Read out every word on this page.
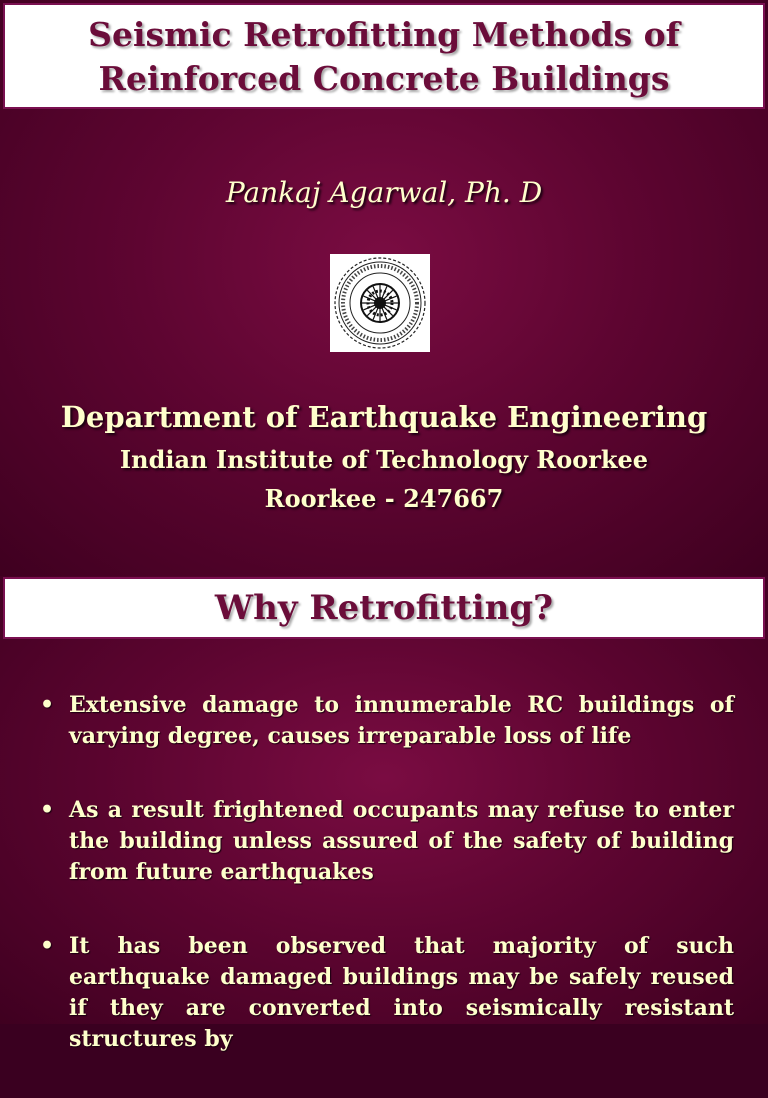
Seismic Retrofitting Methods of
Reinforced Concrete Buildings
Pankaj Agarwal, Ph. D
Department of Earthquake Engineering
Indian Institute of Technology Roorkee
Roorkee - 247667
Why Retrofitting?
• Extensive damage to innumerable RC buildings of varying degree, causes irreparable loss of life
• As a result frightened occupants may refuse to enter the building unless assured of the safety of building from future earthquakes
• It has been observed that majority of such earthquake damaged buildings may be safely reused if they are converted into seismically resistant structures by
